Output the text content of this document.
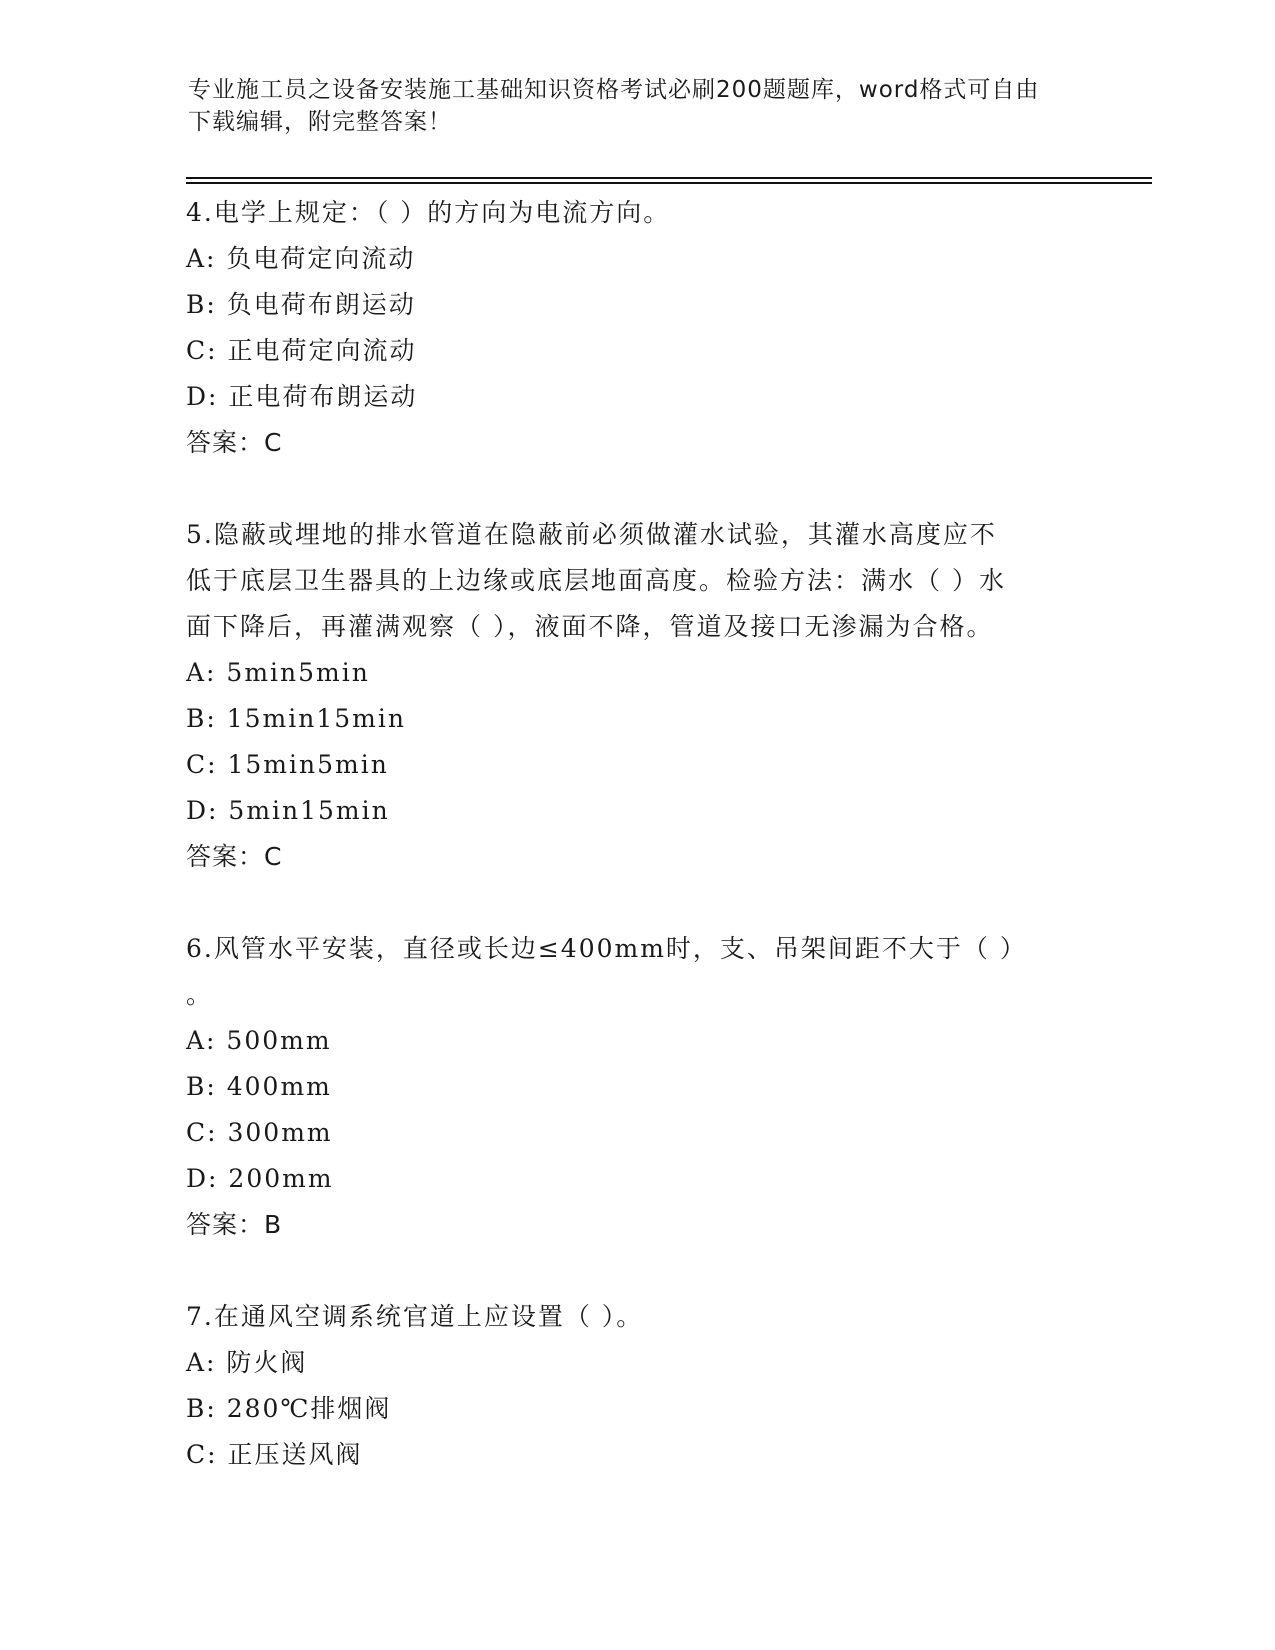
专业施工员之设备安装施工基础知识资格考试必刷200题题库，word格式可自由
下载编辑，附完整答案！
4.电学上规定：（ ）的方向为电流方向。
A: 负电荷定向流动
B: 负电荷布朗运动
C: 正电荷定向流动
D: 正电荷布朗运动
答案：C
5.隐蔽或埋地的排水管道在隐蔽前必须做灌水试验，其灌水高度应不
低于底层卫生器具的上边缘或底层地面高度。检验方法：满水（ ）水
面下降后，再灌满观察（ ），液面不降，管道及接口无渗漏为合格。
A: 5min5min
B: 15min15min
C: 15min5min
D: 5min15min
答案：C
6.风管水平安装，直径或长边≤400mm时，支、吊架间距不大于（ ）
。
A: 500mm
B: 400mm
C: 300mm
D: 200mm
答案：B
7.在通风空调系统官道上应设置（ ）。
A: 防火阀
B: 280℃排烟阀
C: 正压送风阀
